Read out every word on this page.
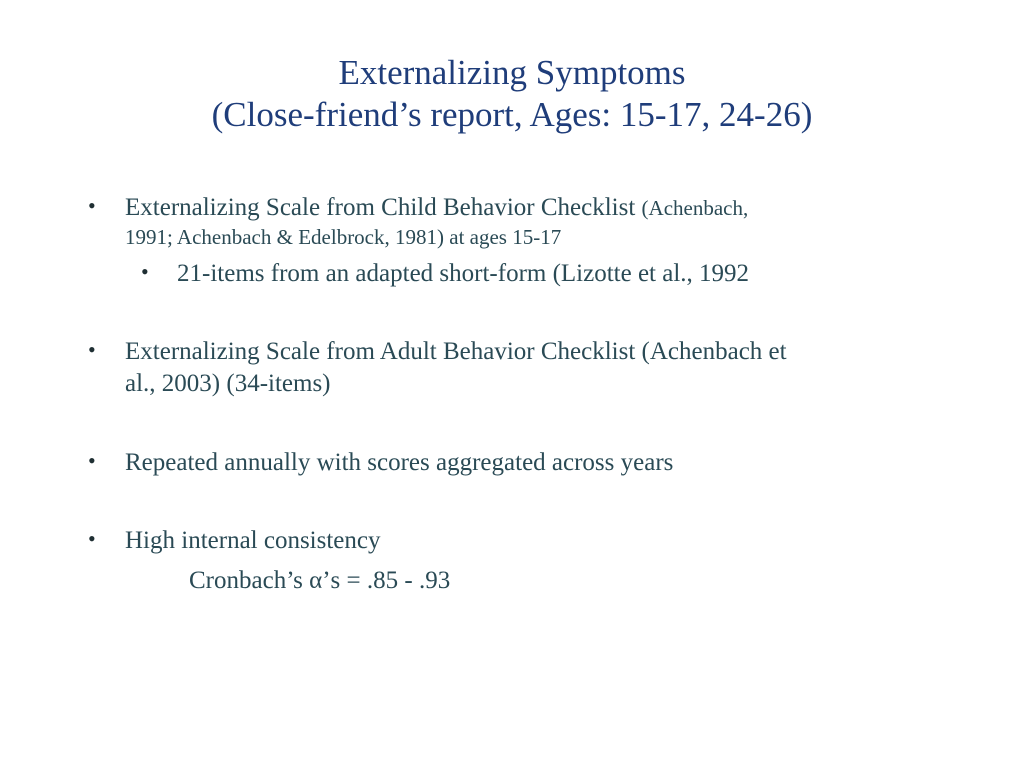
Externalizing Symptoms
(Close-friend’s report, Ages: 15-17, 24-26)
• Externalizing Scale from Child Behavior Checklist (Achenbach,
1991; Achenbach & Edelbrock, 1981) at ages 15-17
• 21-items from an adapted short-form (Lizotte et al., 1992
• Externalizing Scale from Adult Behavior Checklist (Achenbach et
al., 2003) (34-items)
• Repeated annually with scores aggregated across years
• High internal consistency
Cronbach’s α’s = .85 - .93
